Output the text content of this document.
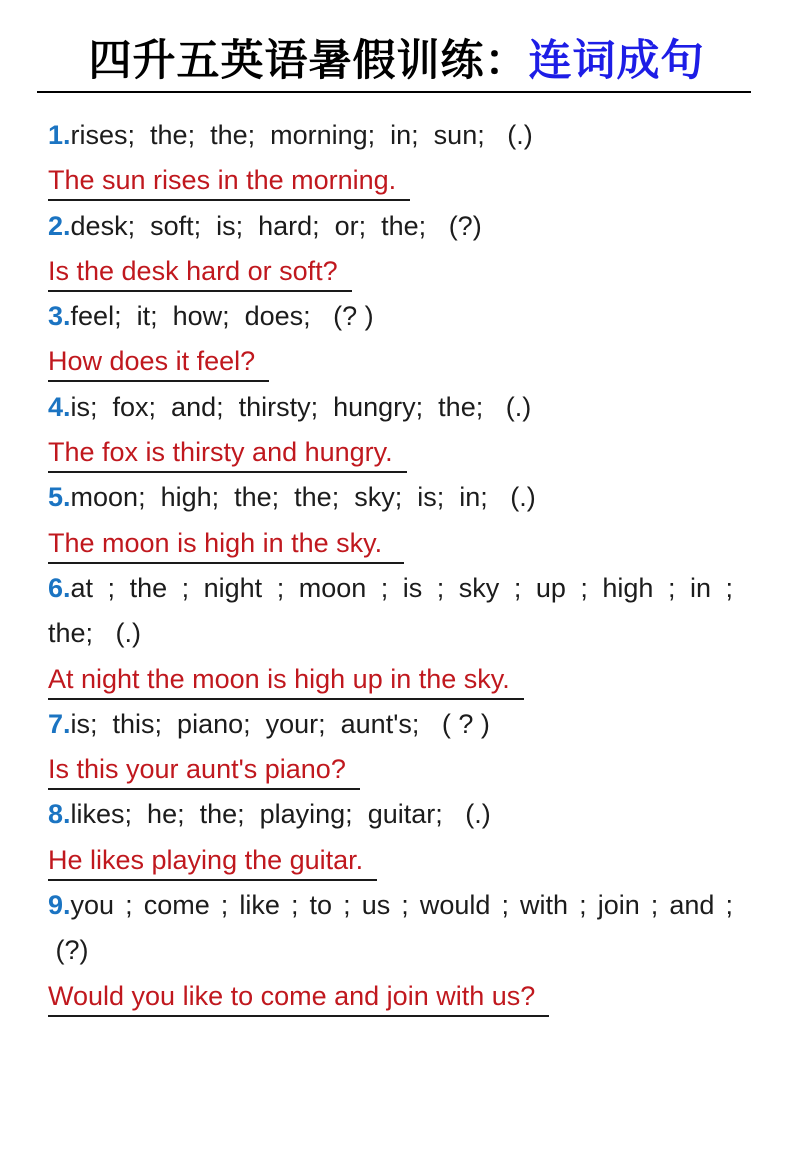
四升五英语暑假训练：连词成句
1.rises;  the;  the;  morning;  in;  sun;   (.)
The sun rises in the morning.
2.desk;  soft;  is;  hard;  or;  the;   (?)
Is the desk hard or soft?
3.feel;  it;  how;  does;   (? )
How does it feel?
4.is;  fox;  and;  thirsty;  hungry;  the;   (.)
The fox is thirsty and hungry.
5.moon;  high;  the;  the;  sky;  is;  in;   (.)
The moon is high in the sky.
6.at ; the ; night ; moon ; is ; sky ; up ; high ; in ;
the;   (.)
At night the moon is high up in the sky.
7.is;  this;  piano;  your;  aunt's;   ( ? )
Is this your aunt's piano?
8.likes;  he;  the;  playing;  guitar;   (.)
He likes playing the guitar.
9.you ; come ; like ; to ; us ; would ; with ; join ; and ;
(?)
Would you like to come and join with us?
